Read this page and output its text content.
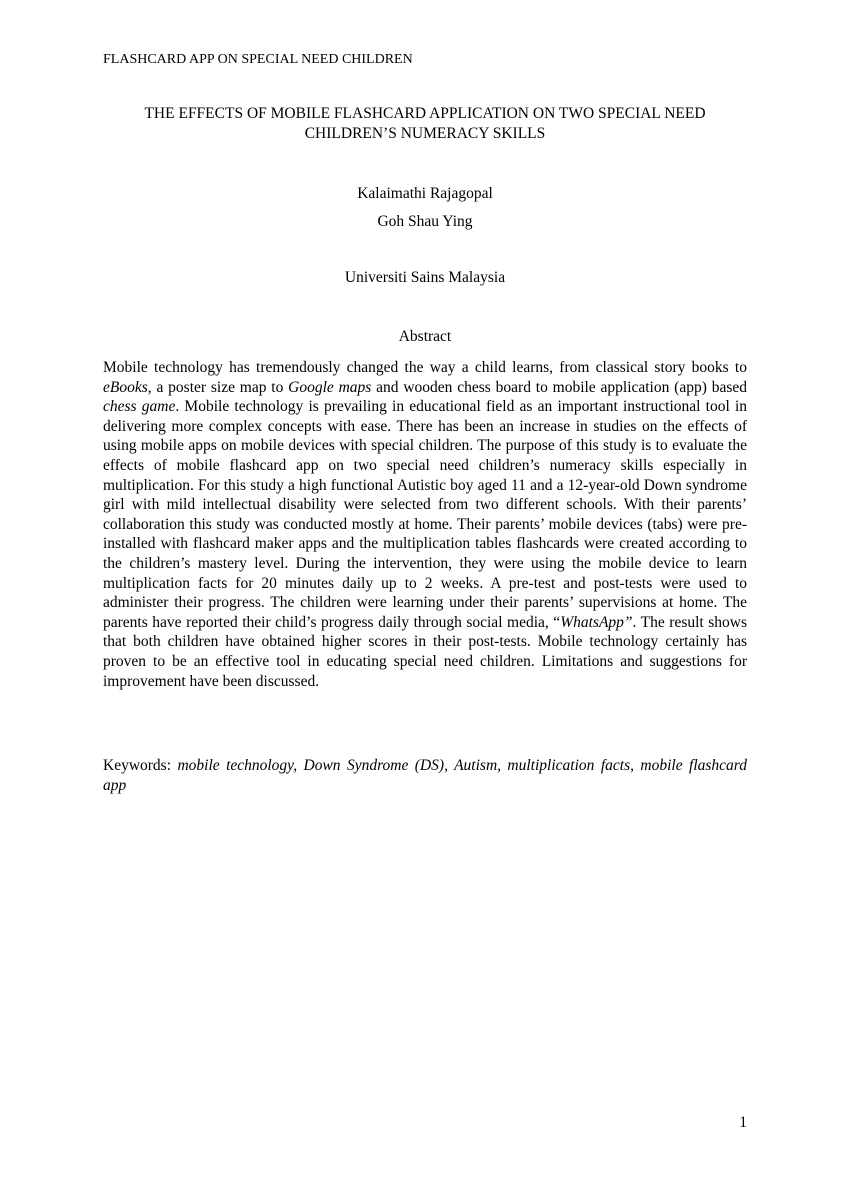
FLASHCARD APP ON SPECIAL NEED CHILDREN
THE EFFECTS OF MOBILE FLASHCARD APPLICATION ON TWO SPECIAL NEED
CHILDREN’S NUMERACY SKILLS
Kalaimathi Rajagopal
Goh Shau Ying
Universiti Sains Malaysia
Abstract
Mobile technology has tremendously changed the way a child learns, from classical story books to eBooks, a poster size map to Google maps and wooden chess board to mobile application (app) based chess game. Mobile technology is prevailing in educational field as an important instructional tool in delivering more complex concepts with ease. There has been an increase in studies on the effects of using mobile apps on mobile devices with special children. The purpose of this study is to evaluate the effects of mobile flashcard app on two special need children’s numeracy skills especially in multiplication. For this study a high functional Autistic boy aged 11 and a 12-year-old Down syndrome girl with mild intellectual disability were selected from two different schools. With their parents’ collaboration this study was conducted mostly at home. Their parents’ mobile devices (tabs) were pre-installed with flashcard maker apps and the multiplication tables flashcards were created according to the children’s mastery level. During the intervention, they were using the mobile device to learn multiplication facts for 20 minutes daily up to 2 weeks. A pre-test and post-tests were used to administer their progress. The children were learning under their parents’ supervisions at home. The parents have reported their child’s progress daily through social media, “WhatsApp”. The result shows that both children have obtained higher scores in their post-tests. Mobile technology certainly has proven to be an effective tool in educating special need children. Limitations and suggestions for improvement have been discussed.
Keywords: mobile technology, Down Syndrome (DS), Autism, multiplication facts, mobile flashcard app
1
